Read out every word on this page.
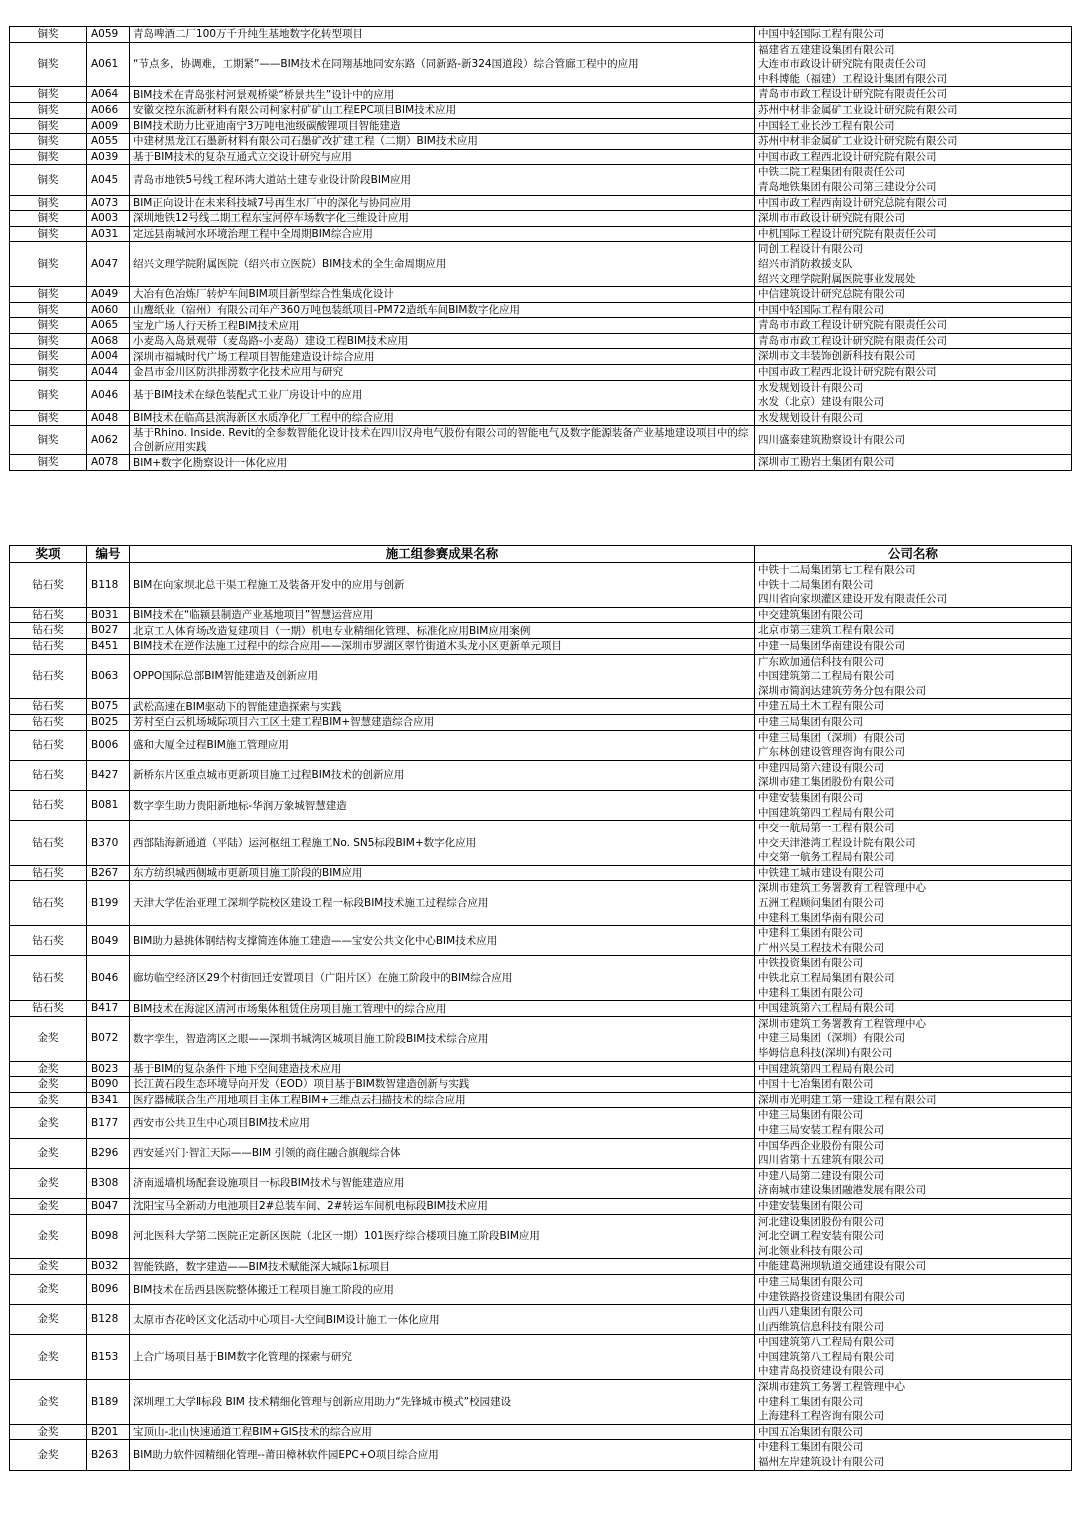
铜奖	A059	青岛啤酒二厂100万千升纯生基地数字化转型项目	中国中轻国际工程有限公司

铜奖	A061	“节点多，协调难，工期紧”——BIM技术在同翔基地同安东路（同新路-新324国道段）综合管廊工程中的应用	福建省五建建设集团有限公司
大连市市政设计研究院有限责任公司
中科博能（福建）工程设计集团有限公司

铜奖	A064	BIM技术在青岛张村河景观桥梁“桥景共生”设计中的应用	青岛市市政工程设计研究院有限责任公司

铜奖	A066	安徽交控东流新材料有限公司柯家村矿矿山工程EPC项目BIM技术应用	苏州中材非金属矿工业设计研究院有限公司

铜奖	A009	BIM技术助力比亚迪南宁3万吨电池级碳酸锂项目智能建造	中国轻工业长沙工程有限公司

铜奖	A055	中建材黑龙江石墨新材料有限公司石墨矿改扩建工程（二期）BIM技术应用	苏州中材非金属矿工业设计研究院有限公司

铜奖	A039	基于BIM技术的复杂互通式立交设计研究与应用	中国市政工程西北设计研究院有限公司

铜奖	A045	青岛市地铁5号线工程环湾大道站土建专业设计阶段BIM应用	中铁二院工程集团有限责任公司
青岛地铁集团有限公司第三建设分公司

铜奖	A073	BIM正向设计在未来科技城7号再生水厂中的深化与协同应用	中国市政工程西南设计研究总院有限公司

铜奖	A003	深圳地铁12号线二期工程东宝河停车场数字化三维设计应用	深圳市市政设计研究院有限公司

铜奖	A031	定远县南城河水环境治理工程中全周期BIM综合应用	中机国际工程设计研究院有限责任公司

铜奖	A047	绍兴文理学院附属医院（绍兴市立医院）BIM技术的全生命周期应用	同创工程设计有限公司
绍兴市消防救援支队
绍兴文理学院附属医院事业发展处

铜奖	A049	大冶有色冶炼厂转炉车间BIM项目新型综合性集成化设计	中信建筑设计研究总院有限公司

铜奖	A060	山鹰纸业（宿州）有限公司年产360万吨包装纸项目-PM72造纸车间BIM数字化应用	中国中轻国际工程有限公司

铜奖	A065	宝龙广场人行天桥工程BIM技术应用	青岛市市政工程设计研究院有限责任公司

铜奖	A068	小麦岛入岛景观带（麦岛路-小麦岛）建设工程BIM技术应用	青岛市市政工程设计研究院有限责任公司

铜奖	A004	深圳市福城时代广场工程项目智能建造设计综合应用	深圳市文丰装饰创新科技有限公司

铜奖	A044	金昌市金川区防洪排涝数字化技术应用与研究	中国市政工程西北设计研究院有限公司

铜奖	A046	基于BIM技术在绿色装配式工业厂房设计中的应用	水发规划设计有限公司
水发（北京）建设有限公司

铜奖	A048	BIM技术在临高县滨海新区水质净化厂工程中的综合应用	水发规划设计有限公司

铜奖	A062	基于Rhino. Inside. Revit的全参数智能化设计技术在四川汉舟电气股份有限公司的智能电气及数字能源装备产业基地建设项目中的综合创新应用实践	四川盛泰建筑勘察设计有限公司

铜奖	A078	BIM+数字化勘察设计一体化应用	深圳市工勘岩土集团有限公司
奖项	编号	施工组参赛成果名称	公司名称
钻石奖	B118	BIM在向家坝北总干渠工程施工及装备开发中的应用与创新	中铁十二局集团第七工程有限公司
中铁十二局集团有限公司
四川省向家坝灌区建设开发有限责任公司

钻石奖	B031	BIM技术在“临颍县制造产业基地项目”智慧运营应用	中交建筑集团有限公司

钻石奖	B027	北京工人体育场改造复建项目（一期）机电专业精细化管理、标准化应用BIM应用案例	北京市第三建筑工程有限公司

钻石奖	B451	BIM技术在逆作法施工过程中的综合应用——深圳市罗湖区翠竹街道木头龙小区更新单元项目	中建一局集团华南建设有限公司

钻石奖	B063	OPPO国际总部BIM智能建造及创新应用	广东欧加通信科技有限公司
中国建筑第二工程局有限公司
深圳市简润达建筑劳务分包有限公司

钻石奖	B075	武松高速在BIM驱动下的智能建造探索与实践	中建五局土木工程有限公司

钻石奖	B025	芳村至白云机场城际项目六工区土建工程BIM+智慧建造综合应用	中建三局集团有限公司

钻石奖	B006	盛和大厦全过程BIM施工管理应用	中建三局集团（深圳）有限公司
广东林创建设管理咨询有限公司

钻石奖	B427	新桥东片区重点城市更新项目施工过程BIM技术的创新应用	中建四局第六建设有限公司
深圳市建工集团股份有限公司

钻石奖	B081	数字孪生助力贵阳新地标-华润万象城智慧建造	中建安装集团有限公司
中国建筑第四工程局有限公司

钻石奖	B370	西部陆海新通道（平陆）运河枢纽工程施工No. SN5标段BIM+数字化应用	中交一航局第一工程有限公司
中交天津港湾工程设计院有限公司
中交第一航务工程局有限公司

钻石奖	B267	东方纺织城西侧城市更新项目施工阶段的BIM应用	中铁建工城市建设有限公司

钻石奖	B199	天津大学佐治亚理工深圳学院校区建设工程一标段BIM技术施工过程综合应用	深圳市建筑工务署教育工程管理中心
五洲工程顾问集团有限公司
中建科工集团华南有限公司

钻石奖	B049	BIM助力悬挑体钢结构支撑简连体施工建造——宝安公共文化中心BIM技术应用	中建科工集团有限公司
广州兴昊工程技术有限公司

钻石奖	B046	廊坊临空经济区29个村街回迁安置项目（广阳片区）在施工阶段中的BIM综合应用	中铁投资集团有限公司
中铁北京工程局集团有限公司
中建科工集团有限公司

钻石奖	B417	BIM技术在海淀区清河市场集体租赁住房项目施工管理中的综合应用	中国建筑第六工程局有限公司

金奖	B072	数字孪生，智造湾区之眼——深圳书城湾区城项目施工阶段BIM技术综合应用	深圳市建筑工务署教育工程管理中心
中建三局集团（深圳）有限公司
毕姆信息科技(深圳)有限公司

金奖	B023	基于BIM的复杂条件下地下空间建造技术应用	中国建筑第四工程局有限公司

金奖	B090	长江黄石段生态环境导向开发（EOD）项目基于BIM数智建造创新与实践	中国十七冶集团有限公司

金奖	B341	医疗器械联合生产用地项目主体工程BIM+三维点云扫描技术的综合应用	深圳市光明建工第一建设工程有限公司

金奖	B177	西安市公共卫生中心项目BIM技术应用	中建三局集团有限公司
中建三局安装工程有限公司

金奖	B296	西安延兴门·智汇天际——BIM 引领的商住融合旗舰综合体	中国华西企业股份有限公司
四川省第十五建筑有限公司

金奖	B308	济南遥墙机场配套设施项目一标段BIM技术与智能建造应用	中建八局第二建设有限公司
济南城市建设集团融港发展有限公司

金奖	B047	沈阳宝马全新动力电池项目2#总装车间、2#转运车间机电标段BIM技术应用	中建安装集团有限公司

金奖	B098	河北医科大学第二医院正定新区医院（北区一期）101医疗综合楼项目施工阶段BIM应用	河北建设集团股份有限公司
河北空调工程安装有限公司
河北领业科技有限公司

金奖	B032	智能铁路，数字建造——BIM技术赋能深大城际1标项目	中能建葛洲坝轨道交通建设有限公司

金奖	B096	BIM技术在岳西县医院整体搬迁工程项目施工阶段的应用	中建三局集团有限公司
中建铁路投资建设集团有限公司

金奖	B128	太原市杏花岭区文化活动中心项目-大空间BIM设计施工一体化应用	山西八建集团有限公司
山西维筑信息科技有限公司

金奖	B153	上合广场项目基于BIM数字化管理的探索与研究	中国建筑第八工程局有限公司
中国建筑第八工程局有限公司
中建青岛投资建设有限公司

金奖	B189	深圳理工大学Ⅱ标段 BIM 技术精细化管理与创新应用助力“先锋城市模式”校园建设	深圳市建筑工务署工程管理中心
中建科工集团有限公司
上海建科工程咨询有限公司

金奖	B201	宝顶山-北山快速通道工程BIM+GIS技术的综合应用	中国五冶集团有限公司

金奖	B263	BIM助力软件园精细化管理--莆田樟林软件园EPC+O项目综合应用	中建科工集团有限公司
福州左岸建筑设计有限公司
